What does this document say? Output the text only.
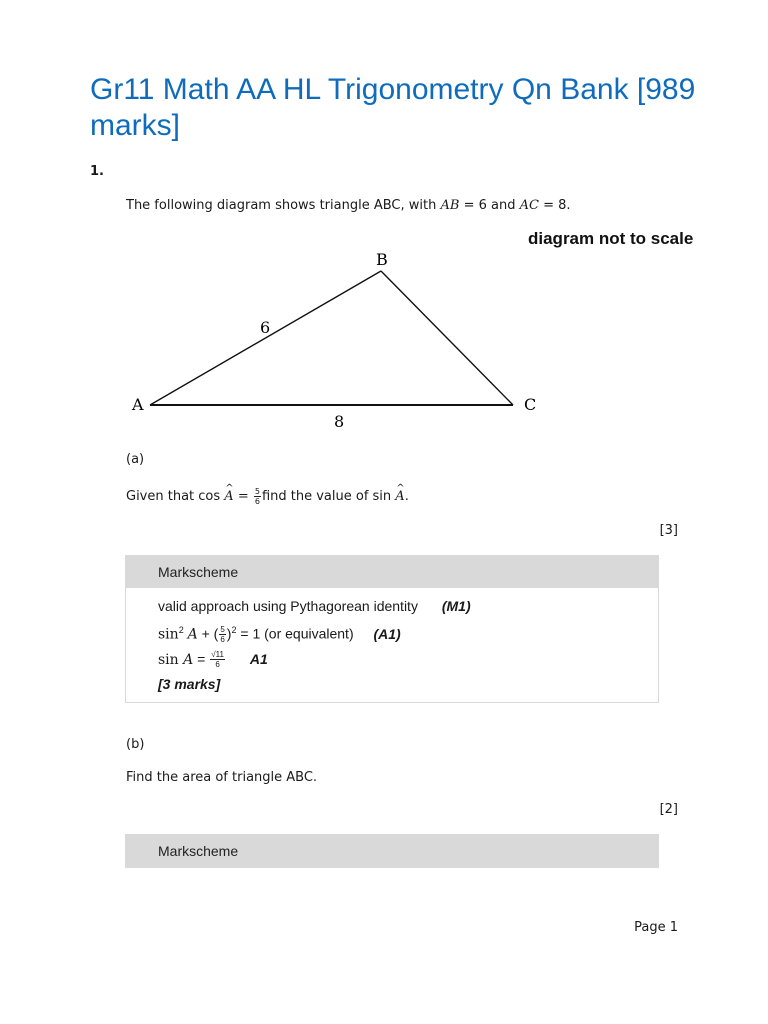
Gr11 Math AA HL Trigonometry Qn Bank [989 marks]
1.
The following diagram shows triangle ABC, with AB = 6 and AC = 8.
diagram not to scale
A
B
C
6
8
(a)
Given that cos ^ $A = \frac{5}{6}$ find the value of sin ^ A.
[3]
Markscheme
valid approach using Pythagorean identity (M1)
$\sin^2 A$ + ( $\frac{5}{6} )^2 = 1$ (or equivalent) (A1)
$\sin A = \frac{√11}{6} A1$
[3 marks]
(b)
Find the area of triangle ABC.
[2]
Markscheme
Page 1
